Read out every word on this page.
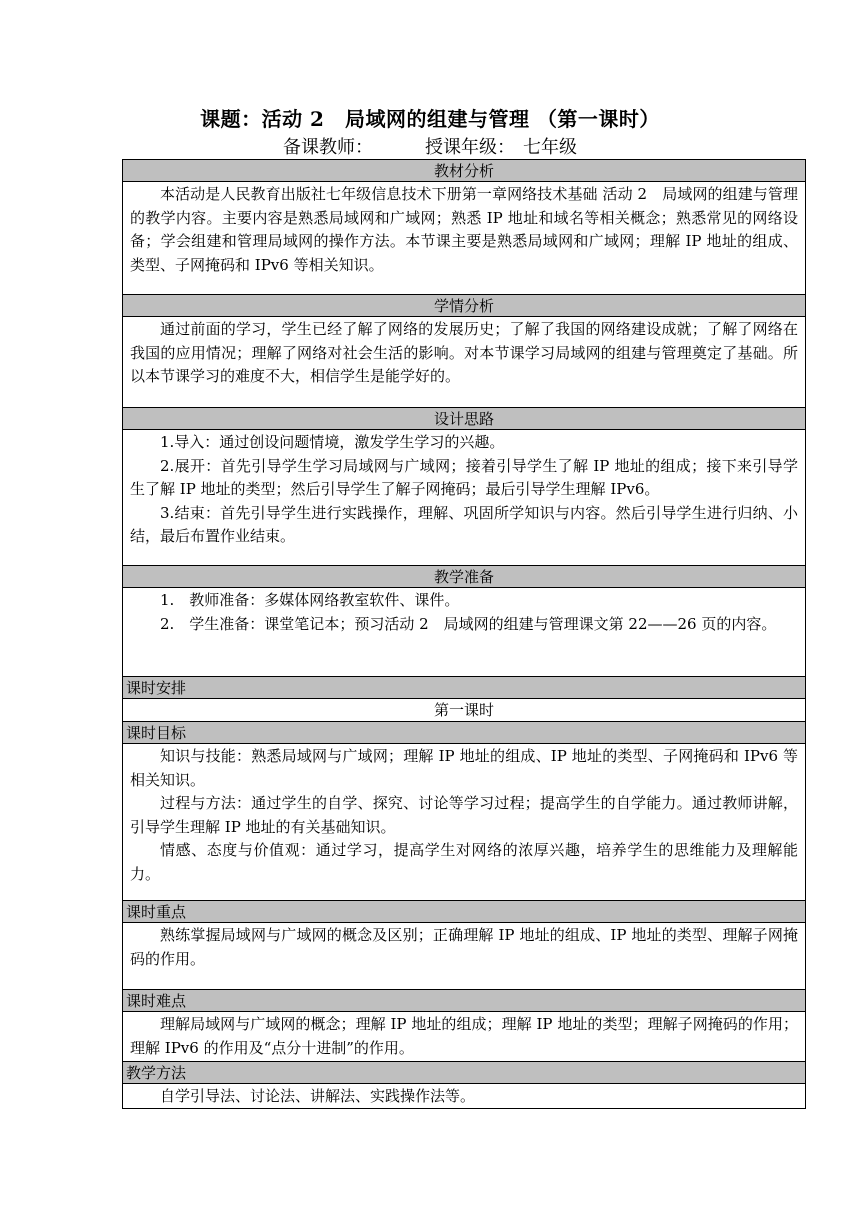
课题：活动 2　局域网的组建与管理 （第一课时）
备课教师：	授课年级： 七年级
教材分析

本活动是人民教育出版社七年级信息技术下册第一章网络技术基础 活动 2　局域网的组建与管理的教学内容。主要内容是熟悉局域网和广域网；熟悉 IP 地址和域名等相关概念；熟悉常见的网络设备；学会组建和管理局域网的操作方法。本节课主要是熟悉局域网和广域网；理解 IP 地址的组成、类型、子网掩码和 IPv6 等相关知识。

学情分析

通过前面的学习，学生已经了解了网络的发展历史；了解了我国的网络建设成就；了解了网络在我国的应用情况；理解了网络对社会生活的影响。对本节课学习局域网的组建与管理奠定了基础。所以本节课学习的难度不大，相信学生是能学好的。

设计思路

1.导入：通过创设问题情境，激发学生学习的兴趣。

2.展开：首先引导学生学习局域网与广域网；接着引导学生了解 IP 地址的组成；接下来引导学生了解 IP 地址的类型；然后引导学生了解子网掩码；最后引导学生理解 IPv6。

3.结束：首先引导学生进行实践操作，理解、巩固所学知识与内容。然后引导学生进行归纳、小结，最后布置作业结束。

教学准备

1.　教师准备：多媒体网络教室软件、课件。

2.　学生准备：课堂笔记本；预习活动 2　局域网的组建与管理课文第 22——26 页的内容。

课时安排

第一课时

课时目标

知识与技能：熟悉局域网与广域网；理解 IP 地址的组成、IP 地址的类型、子网掩码和 IPv6 等相关知识。

过程与方法：通过学生的自学、探究、讨论等学习过程；提高学生的自学能力。通过教师讲解，引导学生理解 IP 地址的有关基础知识。

情感、态度与价值观：通过学习，提高学生对网络的浓厚兴趣，培养学生的思维能力及理解能力。

课时重点

熟练掌握局域网与广域网的概念及区别；正确理解 IP 地址的组成、IP 地址的类型、理解子网掩码的作用。

课时难点

理解局域网与广域网的概念；理解 IP 地址的组成；理解 IP 地址的类型；理解子网掩码的作用；理解 IPv6 的作用及“点分十进制”的作用。

教学方法

自学引导法、讨论法、讲解法、实践操作法等。
